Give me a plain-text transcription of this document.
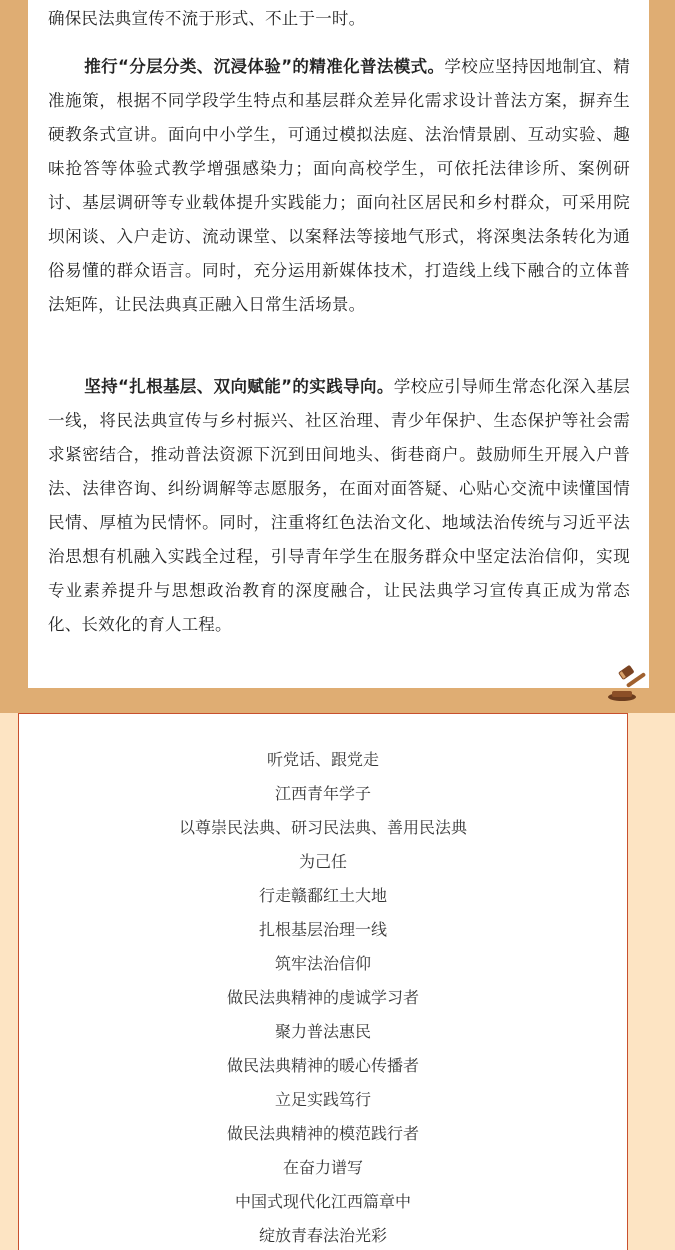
确保民法典宣传不流于形式、不止于一时。

推行“分层分类、沉浸体验”的精准化普法模式。学校应坚持因地制宜、精准施策，根据不同学段学生特点和基层群众差异化需求设计普法方案，摒弃生硬教条式宣讲。面向中小学生，可通过模拟法庭、法治情景剧、互动实验、趣味抢答等体验式教学增强感染力；面向高校学生，可依托法律诊所、案例研讨、基层调研等专业载体提升实践能力；面向社区居民和乡村群众，可采用院坝闲谈、入户走访、流动课堂、以案释法等接地气形式，将深奥法条转化为通俗易懂的群众语言。同时，充分运用新媒体技术，打造线上线下融合的立体普法矩阵，让民法典真正融入日常生活场景。

坚持“扎根基层、双向赋能”的实践导向。学校应引导师生常态化深入基层一线，将民法典宣传与乡村振兴、社区治理、青少年保护、生态保护等社会需求紧密结合，推动普法资源下沉到田间地头、街巷商户。鼓励师生开展入户普法、法律咨询、纠纷调解等志愿服务，在面对面答疑、心贴心交流中读懂国情民情、厚植为民情怀。同时，注重将红色法治文化、地域法治传统与习近平法治思想有机融入实践全过程，引导青年学生在服务群众中坚定法治信仰，实现专业素养提升与思想政治教育的深度融合，让民法典学习宣传真正成为常态化、长效化的育人工程。

听党话、跟党走
江西青年学子
以尊崇民法典、研习民法典、善用民法典
为己任
行走赣鄱红土大地
扎根基层治理一线
筑牢法治信仰
做民法典精神的虔诚学习者
聚力普法惠民
做民法典精神的暖心传播者
立足实践笃行
做民法典精神的模范践行者
在奋力谱写
中国式现代化江西篇章中
绽放青春法治光彩
